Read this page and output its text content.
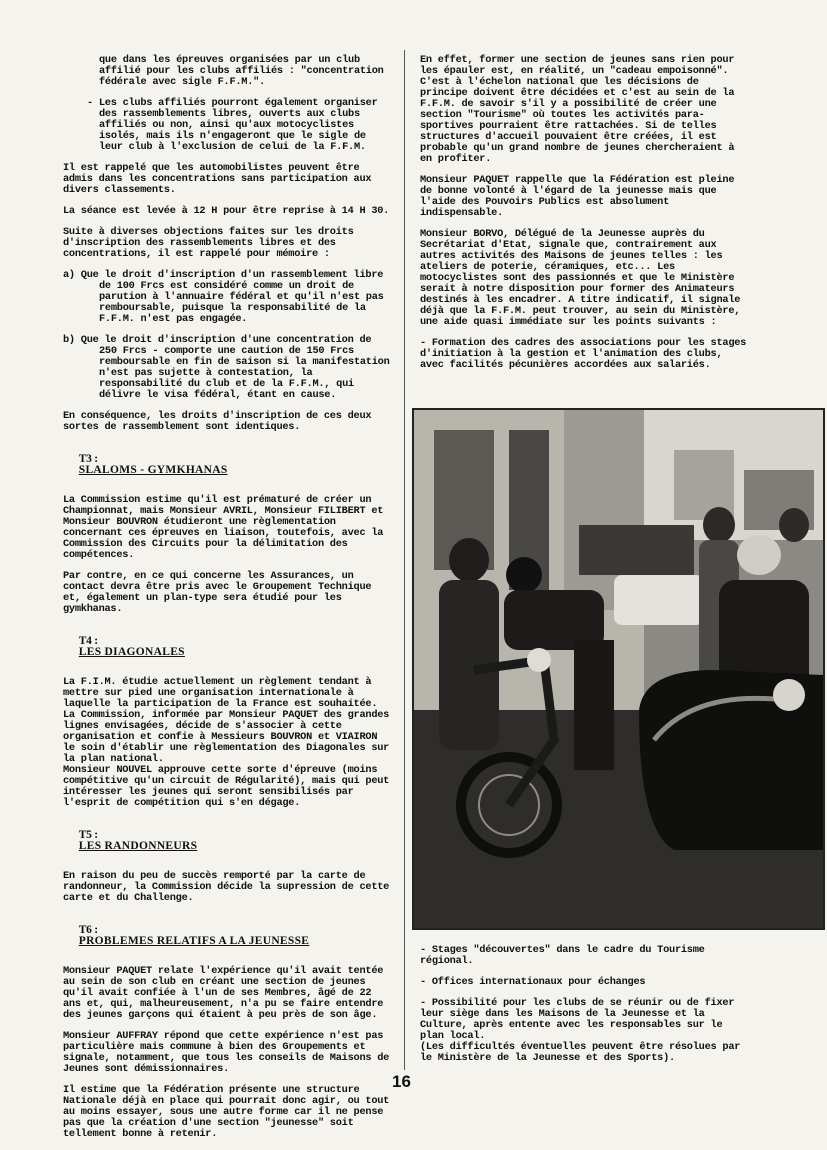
que dans les épreuves organisées par un club affilié pour les clubs affiliés : "concentration fédérale avec sigle F.F.M.".

- Les clubs affiliés pourront également organiser des rassemblements libres, ouverts aux clubs affiliés ou non, ainsi qu'aux motocyclistes isolés, mais ils n'engageront que le sigle de leur club à l'exclusion de celui de la F.F.M.

Il est rappelé que les automobilistes peuvent être admis dans les concentrations sans participation aux divers classements.

La séance est levée à 12 H pour être reprise à 14 H 30.

Suite à diverses objections faites sur les droits d'inscription des rassemblements libres et des concentrations, il est rappelé pour mémoire :

a) Que le droit d'inscription d'un rassemblement libre de 100 Frcs est considéré comme un droit de parution à l'annuaire fédéral et qu'il n'est pas remboursable, puisque la responsabilité de la F.F.M. n'est pas engagée.

b) Que le droit d'inscription d'une concentration de 250 Frcs - comporte une caution de 150 Frcs remboursable en fin de saison si la manifestation n'est pas sujette à contestation, la responsabilité du club et de la F.F.M., qui délivre le visa fédéral, étant en cause.

En conséquence, les droits d'inscription de ces deux sortes de rassemblement sont identiques.

T3 :
SLALOMS - GYMKHANAS

La Commission estime qu'il est prématuré de créer un Championnat, mais Monsieur AVRIL, Monsieur FILIBERT et Monsieur BOUVRON étudieront une règlementation concernant ces épreuves en liaison, toutefois, avec la Commission des Circuits pour la délimitation des compétences.

Par contre, en ce qui concerne les Assurances, un contact devra être pris avec le Groupement Technique et, également un plan-type sera étudié pour les gymkhanas.

T4 :
LES DIAGONALES

La F.I.M. étudie actuellement un règlement tendant à mettre sur pied une organisation internationale à laquelle la participation de la France est souhaitée. La Commission, informée par Monsieur PAQUET des grandes lignes envisagées, décide de s'associer à cette organisation et confie à Messieurs BOUVRON et VIAIRON le soin d'établir une règlementation des Diagonales sur la plan national.
Monsieur NOUVEL approuve cette sorte d'épreuve (moins compétitive qu'un circuit de Régularité), mais qui peut intéresser les jeunes qui seront sensibilisés par l'esprit de compétition qui s'en dégage.

T5 :
LES RANDONNEURS

En raison du peu de succès remporté par la carte de randonneur, la Commission décide la supression de cette carte et du Challenge.

T6 :
PROBLEMES RELATIFS A LA JEUNESSE

Monsieur PAQUET relate l'expérience qu'il avait tentée au sein de son club en créant une section de jeunes qu'il avait confiée à l'un de ses Membres, âgé de 22 ans et, qui, malheureusement, n'a pu se faire entendre des jeunes garçons qui étaient à peu près de son âge.

Monsieur AUFFRAY répond que cette expérience n'est pas particulière mais commune à bien des Groupements et signale, notamment, que tous les conseils de Maisons de Jeunes sont démissionnaires.

Il estime que la Fédération présente une structure Nationale déjà en place qui pourrait donc agir, ou tout au moins essayer, sous une autre forme car il ne pense pas que la création d'une section "jeunesse" soit tellement bonne à retenir.

En effet, former une section de jeunes sans rien pour les épauler est, en réalité, un "cadeau empoisonné". C'est à l'échelon national que les décisions de principe doivent être décidées et c'est au sein de la F.F.M. de savoir s'il y a possibilité de créer une section "Tourisme" où toutes les activités para-sportives pourraient être rattachées. Si de telles structures d'accueil pouvaient être créées, il est probable qu'un grand nombre de jeunes chercheraient à en profiter.

Monsieur PAQUET rappelle que la Fédération est pleine de bonne volonté à l'égard de la jeunesse mais que l'aide des Pouvoirs Publics est absolument indispensable.

Monsieur BORVO, Délégué de la Jeunesse auprès du Secrétariat d'Etat, signale que, contrairement aux autres activités des Maisons de jeunes telles : les ateliers de poterie, céramiques, etc... Les motocyclistes sont des passionnés et que le Ministère serait à notre disposition pour former des Animateurs destinés à les encadrer. A titre indicatif, il signale déjà que la F.F.M. peut trouver, au sein du Ministère, une aide quasi immédiate sur les points suivants :

- Formation des cadres des associations pour les stages d'initiation à la gestion et l'animation des clubs, avec facilités pécunières accordées aux salariés.

- Stages "découvertes" dans le cadre du Tourisme régional.

- Offices internationaux pour échanges

- Possibilité pour les clubs de se réunir ou de fixer leur siège dans les Maisons de la Jeunesse et la Culture, après entente avec les responsables sur le plan local.
(Les difficultés éventuelles peuvent être résolues par le Ministère de la Jeunesse et des Sports).

16
